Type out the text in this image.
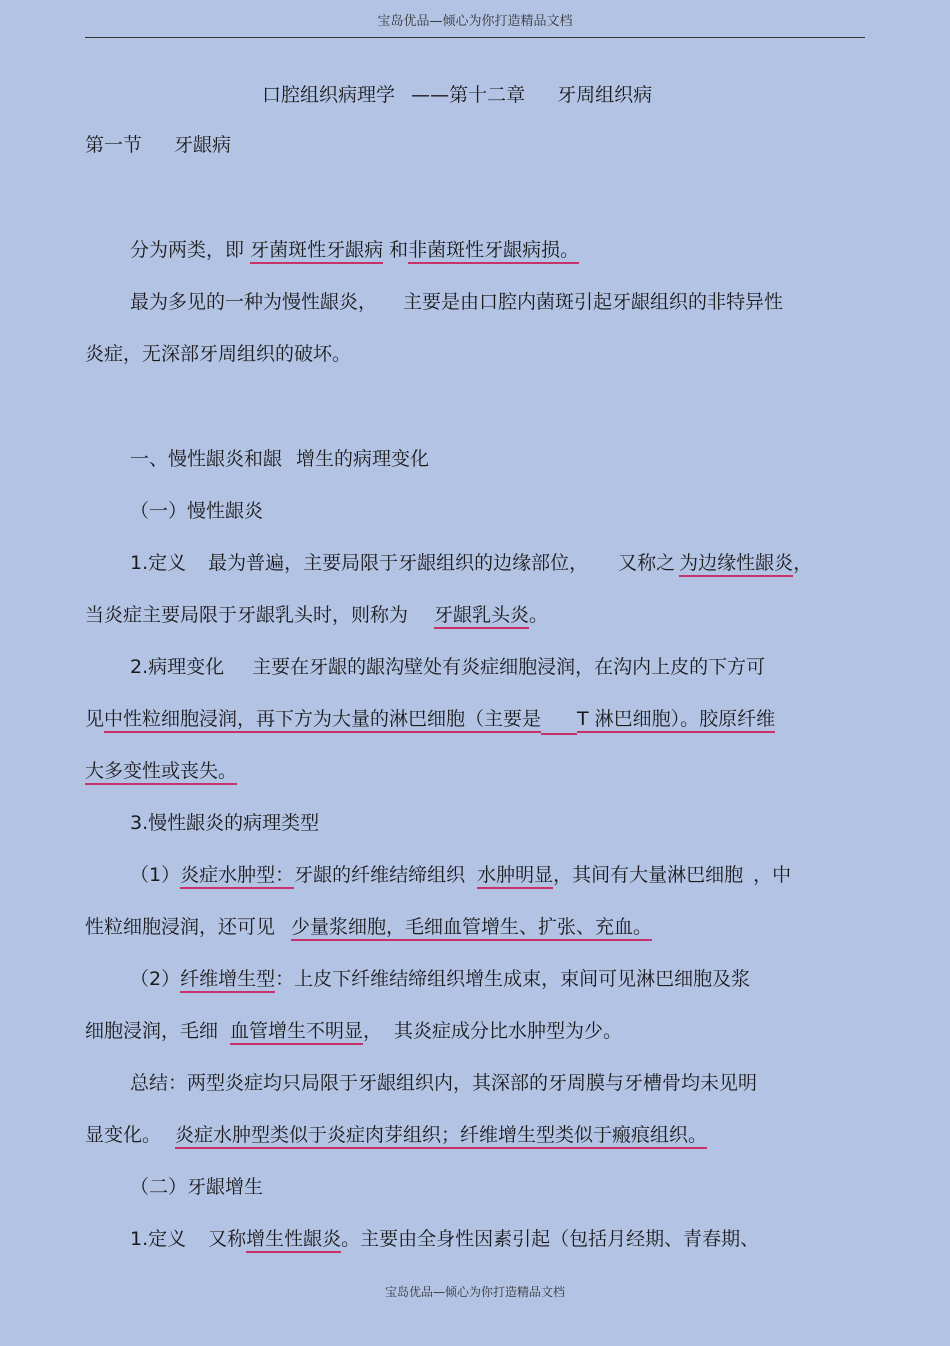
宝岛优品—倾心为你打造精品文档
口腔组织病理学 ——第十二章 牙周组织病
第一节 牙龈病
分为两类，即 牙菌斑性牙龈病 和非菌斑性牙龈病损。
最为多见的一种为慢性龈炎， 主要是由口腔内菌斑引起牙龈组织的非特异性
炎症，无深部牙周组织的破坏。
一、慢性龈炎和龈 增生的病理变化
（一）慢性龈炎
1.定义 最为普遍，主要局限于牙龈组织的边缘部位， 又称之 为边缘性龈炎，
当炎症主要局限于牙龈乳头时，则称为 牙龈乳头炎。
2.病理变化 主要在牙龈的龈沟壁处有炎症细胞浸润，在沟内上皮的下方可
见中性粒细胞浸润，再下方为大量的淋巴细胞（主要是 T 淋巴细胞）。胶原纤维
大多变性或丧失。
3.慢性龈炎的病理类型
（1）炎症水肿型：牙龈的纤维结缔组织 水肿明显，其间有大量淋巴细胞 ，中
性粒细胞浸润，还可见 少量浆细胞，毛细血管增生、扩张、充血。
（2）纤维增生型：上皮下纤维结缔组织增生成束，束间可见淋巴细胞及浆
细胞浸润，毛细 血管增生不明显， 其炎症成分比水肿型为少。
总结：两型炎症均只局限于牙龈组织内，其深部的牙周膜与牙槽骨均未见明
显变化。 炎症水肿型类似于炎症肉芽组织；纤维增生型类似于瘢痕组织。
（二）牙龈增生
1.定义 又称增生性龈炎。主要由全身性因素引起（包括月经期、青春期、
宝岛优品—倾心为你打造精品文档
